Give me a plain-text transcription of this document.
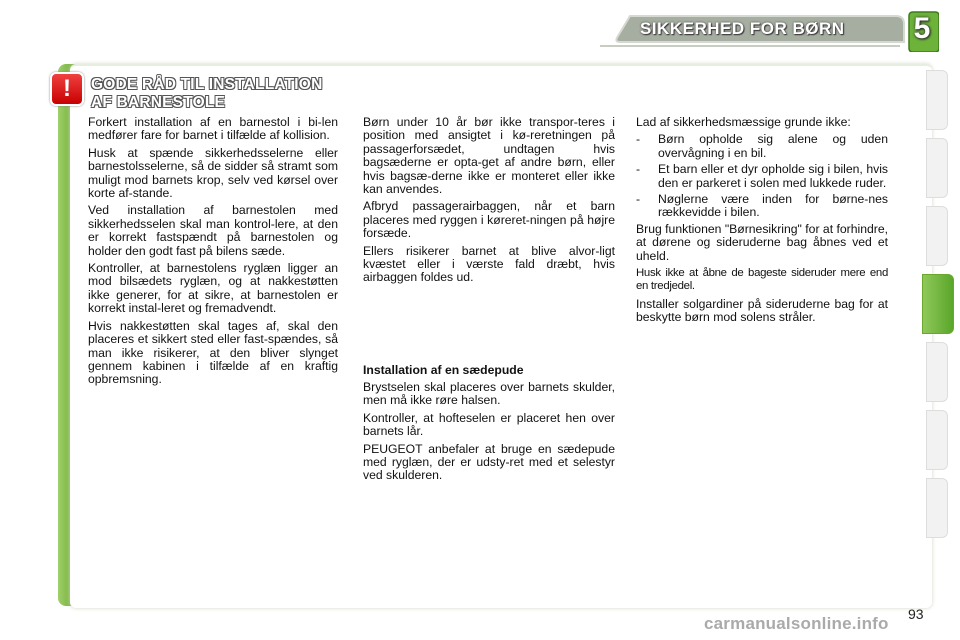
SIKKERHED FOR BØRN 5
!	GODE RÅD TIL INSTALLATION
AF BARNESTOLE

Forkert installation af en barnestol i bi-len medfører fare for barnet i tilfælde af kollision.

Husk at spænde sikkerhedsselerne eller barnestolsselerne, så de sidder så stramt som muligt mod barnets krop, selv ved kørsel over korte af-stande.

Ved installation af barnestolen med sikkerhedsselen skal man kontrol-lere, at den er korrekt fastspændt på barnestolen og holder den godt fast på bilens sæde.

Kontroller, at barnestolens ryglæn ligger an mod bilsædets ryglæn, og at nakkestøtten ikke generer, for at sikre, at barnestolen er korrekt instal-leret og fremadvendt.

Hvis nakkestøtten skal tages af, skal den placeres et sikkert sted eller fast-spændes, så man ikke risikerer, at den bliver slynget gennem kabinen i tilfælde af en kraftig opbremsning.

Børn under 10 år bør ikke transpor-teres i position med ansigtet i kø-reretningen på passagerforsædet, undtagen hvis bagsæderne er opta-get af andre børn, eller hvis bagsæ-derne ikke er monteret eller ikke kan anvendes.

Afbryd passagerairbaggen, når et barn placeres med ryggen i køreret-ningen på højre forsæde.

Ellers risikerer barnet at blive alvor-ligt kvæstet eller i værste fald dræbt, hvis airbaggen foldes ud.

Installation af en sædepude

Brystselen skal placeres over barnets skulder, men må ikke røre halsen.

Kontroller, at hofteselen er placeret hen over barnets lår.

PEUGEOT anbefaler at bruge en sædepude med ryglæn, der er udsty-ret med et selestyr ved skulderen.

Lad af sikkerhedsmæssige grunde ikke:

-	Børn opholde sig alene og uden overvågning i en bil.
-	Et barn eller et dyr opholde sig i bilen, hvis den er parkeret i solen med lukkede ruder.
-	Nøglerne være inden for børne-nes rækkevidde i bilen.

Brug funktionen "Børnesikring" for at forhindre, at dørene og sideruderne bag åbnes ved et uheld.

Husk ikke at åbne de bageste sideruder mere end en tredjedel.

Installer solgardiner på sideruderne bag for at beskytte børn mod solens stråler.

93
carmanualsonline.info
